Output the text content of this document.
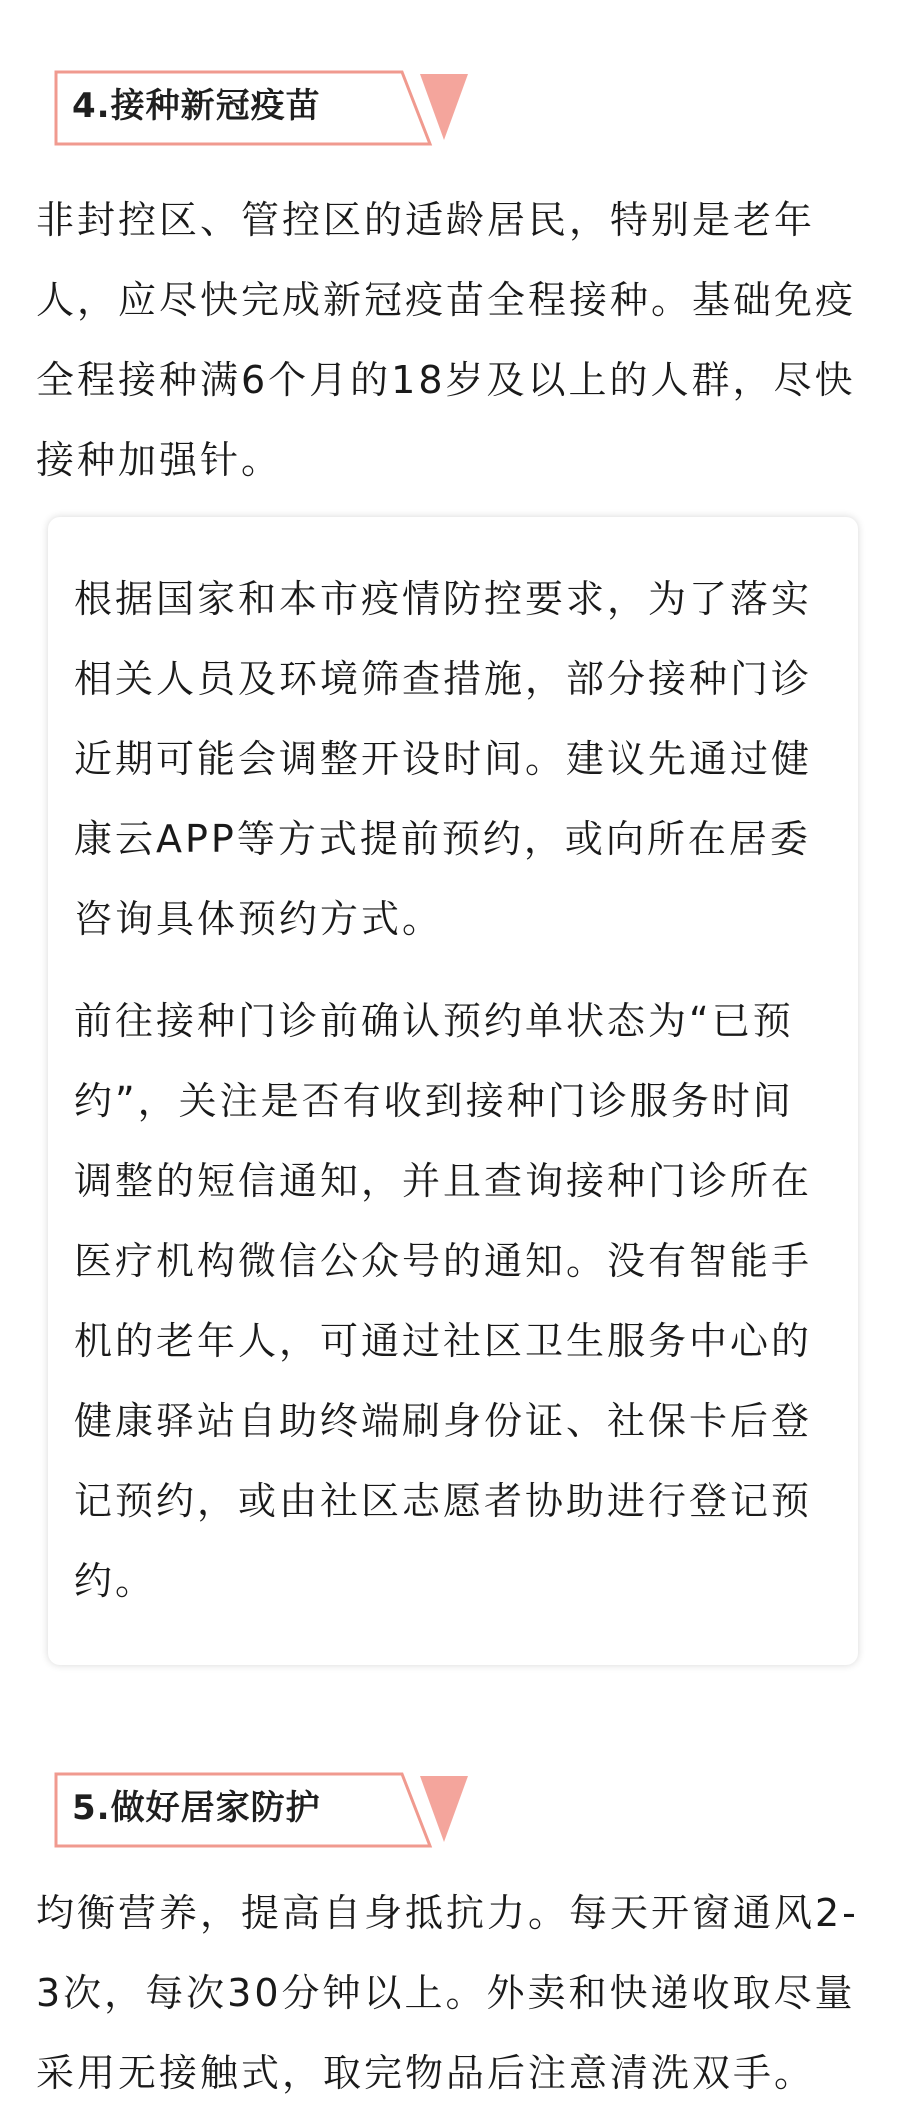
4.接种新冠疫苗

非封控区、管控区的适龄居民，特别是老年人，应尽快完成新冠疫苗全程接种。基础免疫全程接种满6个月的18岁及以上的人群，尽快接种加强针。

根据国家和本市疫情防控要求，为了落实相关人员及环境筛查措施，部分接种门诊近期可能会调整开设时间。建议先通过健康云APP等方式提前预约，或向所在居委咨询具体预约方式。

前往接种门诊前确认预约单状态为“已预约”，关注是否有收到接种门诊服务时间调整的短信通知，并且查询接种门诊所在医疗机构微信公众号的通知。没有智能手机的老年人，可通过社区卫生服务中心的健康驿站自助终端刷身份证、社保卡后登记预约，或由社区志愿者协助进行登记预约。

5.做好居家防护

均衡营养，提高自身抵抗力。每天开窗通风2-3次，每次30分钟以上。外卖和快递收取尽量采用无接触式，取完物品后注意清洗双手。
